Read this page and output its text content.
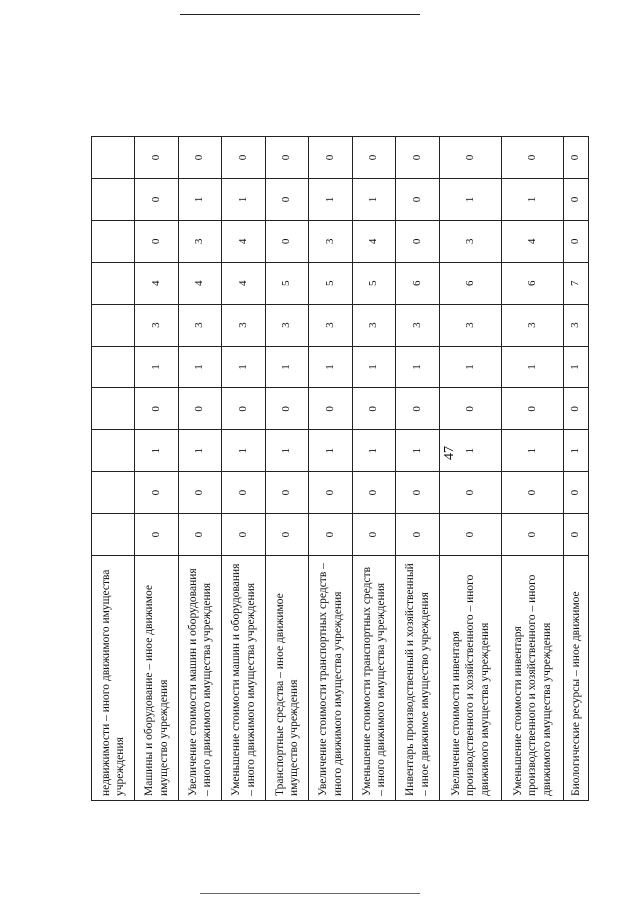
47
недвижимости – иного движимого имущества учреждения										
Машины и оборудование – иное движимое имущество учреждения	0	0	1	0	1	3	4	0	0	0
Увеличение стоимости машин и оборудования – иного движимого имущества учреждения	0	0	1	0	1	3	4	3	1	0
Уменьшение стоимости машин и оборудования – иного движимого имущества учреждения	0	0	1	0	1	3	4	4	1	0
Транспортные средства – иное движимое имущество учреждения	0	0	1	0	1	3	5	0	0	0
Увеличение стоимости транспортных средств – иного движимого имущества учреждения	0	0	1	0	1	3	5	3	1	0
Уменьшение стоимости транспортных средств – иного движимого имущества учреждения	0	0	1	0	1	3	5	4	1	0
Инвентарь производственный и хозяйственный – иное движимое имущество учреждения	0	0	1	0	1	3	6	0	0	0
Увеличение стоимости инвентаря производственного и хозяйственного – иного движимого имущества учреждения	0	0	1	0	1	3	6	3	1	0
Уменьшение стоимости инвентаря производственного и хозяйственного – иного движимого имущества учреждения	0	0	1	0	1	3	6	4	1	0
Биологические ресурсы – иное движимое	0	0	1	0	1	3	7	0	0	0
